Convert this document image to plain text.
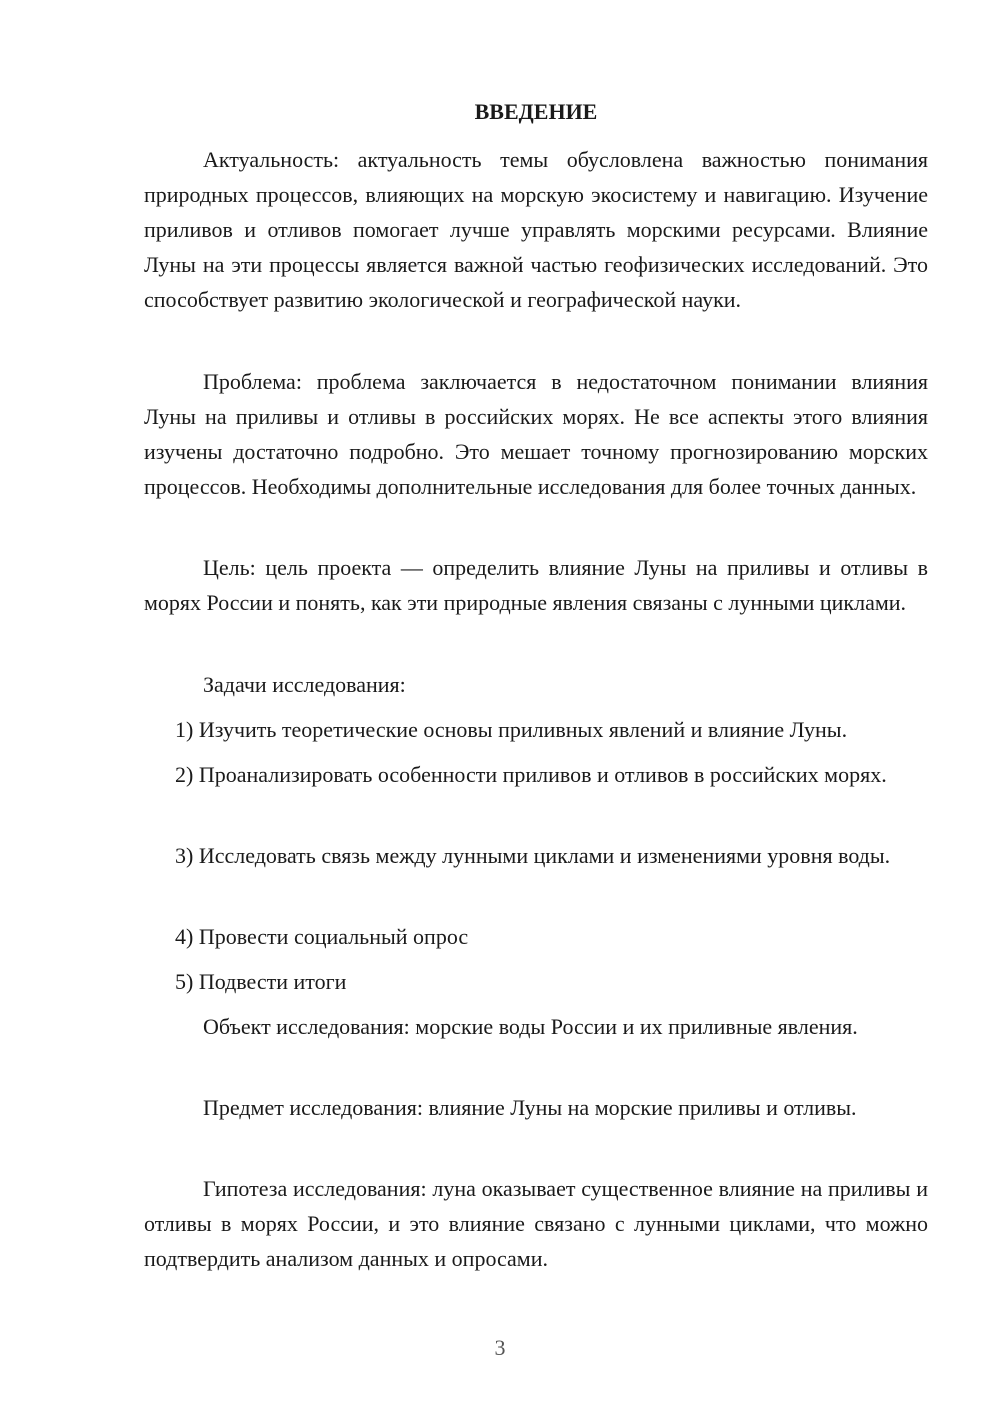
ВВЕДЕНИЕ

Актуальность: актуальность темы обусловлена важностью понимания природных процессов, влияющих на морскую экосистему и навигацию. Изучение приливов и отливов помогает лучше управлять морскими ресурсами. Влияние Луны на эти процессы является важной частью геофизических исследований. Это способствует развитию экологической и географической науки.

Проблема: проблема заключается в недостаточном понимании влияния Луны на приливы и отливы в российских морях. Не все аспекты этого влияния изучены достаточно подробно. Это мешает точному прогнозированию морских процессов. Необходимы дополнительные исследования для более точных данных.

Цель: цель проекта — определить влияние Луны на приливы и отливы в морях России и понять, как эти природные явления связаны с лунными циклами.

Задачи исследования:

1) Изучить теоретические основы приливных явлений и влияние Луны.

2) Проанализировать особенности приливов и отливов в российских морях.

3) Исследовать связь между лунными циклами и изменениями уровня воды.

4) Провести социальный опрос

5) Подвести итоги

Объект исследования: морские воды России и их приливные явления.

Предмет исследования: влияние Луны на морские приливы и отливы.

Гипотеза исследования: луна оказывает существенное влияние на приливы и отливы в морях России, и это влияние связано с лунными циклами, что можно подтвердить анализом данных и опросами.

3
